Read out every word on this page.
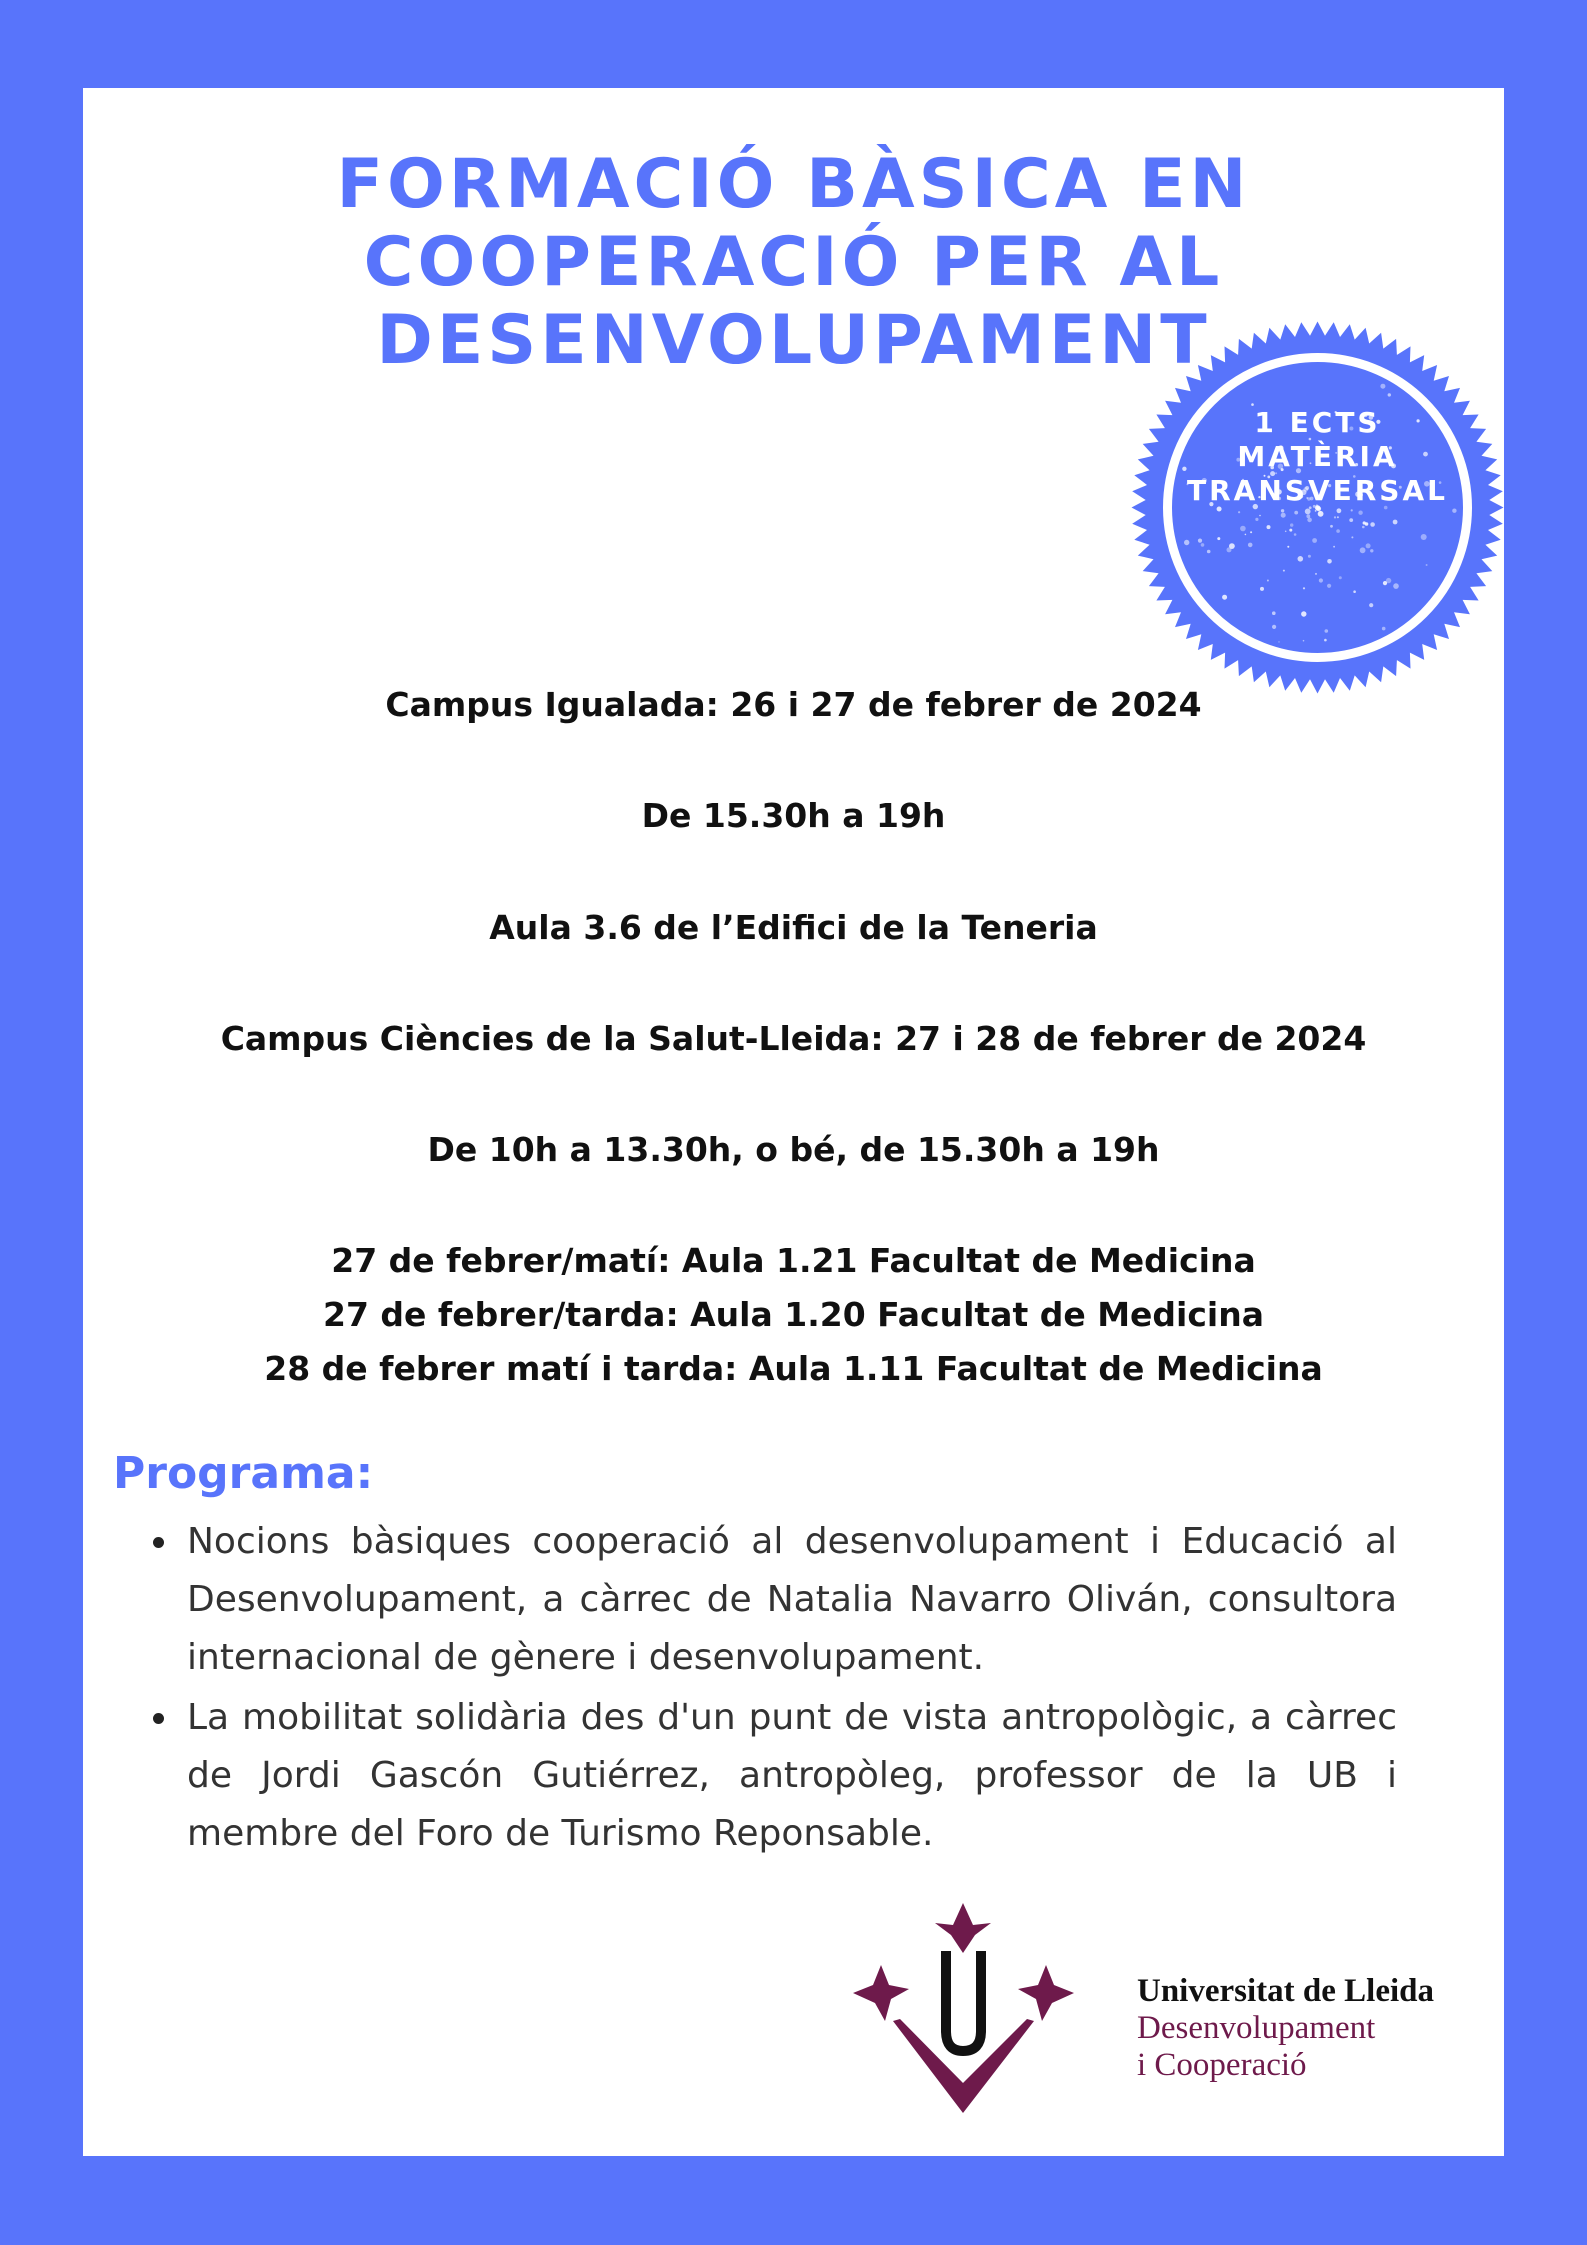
FORMACIÓ BÀSICA EN
COOPERACIÓ PER AL
DESENVOLUPAMENT
1 ECTS
MATÈRIA
TRANSVERSAL
Campus Igualada: 26 i 27 de febrer de 2024
De 15.30h a 19h
Aula 3.6 de l’Edifici de la Teneria
Campus Ciències de la Salut-Lleida: 27 i 28 de febrer de 2024
De 10h a 13.30h, o bé, de 15.30h a 19h
27 de febrer/matí: Aula 1.21 Facultat de Medicina
27 de febrer/tarda: Aula 1.20 Facultat de Medicina
28 de febrer matí i tarda: Aula 1.11 Facultat de Medicina
Programa:
Nocions bàsiques cooperació al desenvolupament i Educació al Desenvolupament, a càrrec de Natalia Navarro Oliván, consultora internacional de gènere i desenvolupament.
La mobilitat solidària des d'un punt de vista antropològic, a càrrec de Jordi Gascón Gutiérrez, antropòleg, professor de la UB i membre del Foro de Turismo Reponsable.
Universitat de Lleida
Desenvolupament
i Cooperació
